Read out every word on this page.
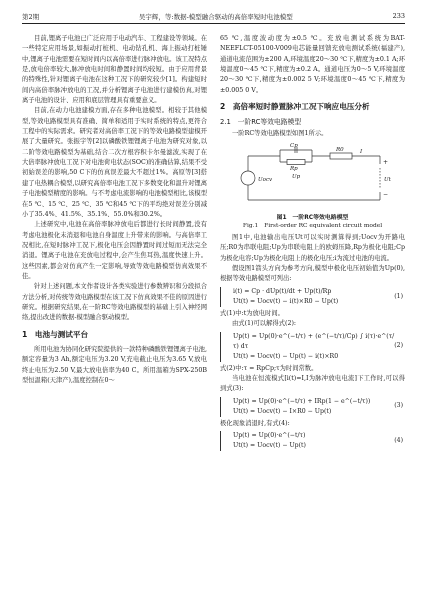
第2期	吴宇辉，等:数据-模型融合驱动的高倍率短时电池模型	233

目前,锂离子电池已广泛应用于电动汽车、工程建设等领域。在一些特定应用场景,如振动打桩机、电动钻孔机、海上振动打桩锤中,锂离子电池需要在短时间内以高倍率进行脉冲放电。该工况特点是,放电倍率较大,脉冲放电时间和静置时间均较短。由于应用背景的特殊性,针对锂离子电池在这种工况下的研究较少[1]。构建短时间内高倍率脉冲放电的工况,并分析锂离子电池进行建模仿真,对锂离子电池的设计、应用和底层管理具有重要意义。

目前,在动力电池建模方面,存在多种电池模型。相较于其他模型,等效电路模型具有准确、简单和适用于实时系统的特点,更符合工程中的实际需求。研究者对高倍率工况下的等效电路模型建模开展了大量研究。张振宇等[2]以磷酸铁锂锂离子电池为研究对象,以二阶等效电路模型为基础,结合二次方根容积卡尔曼滤波,实现了在大倍率脉冲放电工况下对电池荷电状态(SOC)的准确估算,结果不受初始误差的影响,50 C下的仿真误差最大不超过1%。高原等[3]搭建了电热耦合模型,以研究高倍率电池工况下多数变化和温升对锂离子电池模型精度的影响。与不考虑电流影响的电池模型相比,该模型在5 ℃、15 ℃、25 ℃、35 ℃和45 ℃下的平均绝对误差分别减小了35.4%、41.5%、35.1%、55.0%和30.2%。

上述研究中,电池在高倍率脉冲放电后都进行长时间静置,没有考虑电池极化未消退和电池自身温度上升带来的影响。与高倍率工况相比,在短时脉冲工况下,极化电压会因静置时间过短而无法完全消退。锂离子电池在充放电过程中,会产生焦耳热,温度快速上升。这些因素,都会对仿真产生一定影响,导致等效电路模型仿真效果不佳。

针对上述问题,本文作者设计各类实验进行参数辨识和分段拟合方法分析,对传统等效电路模型在该工况下仿真效果不佳的原因进行研究。根据研究结果,在一阶RC等效电路模型的基础上引入神经网络,提出改进的数据-模型融合驱动模型。

1　电池与测试平台

所用电池为协同化研究院提供的一款特种磷酸铁锂锂离子电池,额定容量为3 Ah,额定电压为3.20 V,充电截止电压为3.65 V,放电终止电压为2.50 V,最大放电倍率为40 C。所用温箱为SPX-250B型恒温箱(天津产),温度控制在0～

65 ℃,温度波动度为±0.5 ℃。充放电测试系统为BAT-NEEFLCT-05100-V009电芯能量回馈充放电测试系统(福建产),通道电流范围为±200 A,环境温度20～30 ℃下,精度为±0.1 A;环境温度0～45 ℃下,精度为±0.2 A。通道电压为0～5 V,环境温度20～30 ℃下,精度为±0.002 5 V;环境温度0～45 ℃下,精度为±0.005 0 V。

2　高倍率短时静置脉冲工况下响应电压分析
2.1　一阶RC等效电路模型

一阶RC等效电路模型如图1所示。

Cp
Rp
R0
Uocv
I
Ut
Up
+
−
图1　一阶RC等效电路模型
Fig.1　First-order RC equivalent circuit model

图1中,电池输出电压Ut可以实时测算得到;Uocv为开路电压;R0为串联电阻;Up为串联电阻上的欧姆压降,Rp为极化电阻;Cp为极化电容;Up为极化电阻上的极化电压;i为流过电池的电流。

假设图1箭头方向为参考方向,模型中极化电压初始值为Up(0),根据等效电路模型可列出:

i(t) = Cp · dUp(t)/dt + Up(t)/Rp
Ut(t) = Uocv(t) − i(t)×R0 − Up(t)
(1)

式(1)中:t为放电时间。

由式(1)可以解得式(2):

Up(t) = Up(0)·e^(−t/τ) + (e^(−t/τ)/Cp) ∫ i(τ)·e^(τ/τ) dτ
Ut(t) = Uocv(t) − Up(t) − i(t)×R0
(2)

式(2)中:τ = RpCp;τ为时间常数。

当电池在恒流模式[i(t)=I,I为脉冲放电电流]下工作时,可以得到式(3):

Up(t) = Up(0)·e^(−t/τ) + IRp(1 − e^(−t/τ))
Ut(t) = Uocv(t) − I×R0 − Up(t)
(3)

极化现象消退时,有式(4):

Up(t) = Up(0)·e^(−t/τ)
Ut(t) = Uocv(t) − Up(t)
(4)
